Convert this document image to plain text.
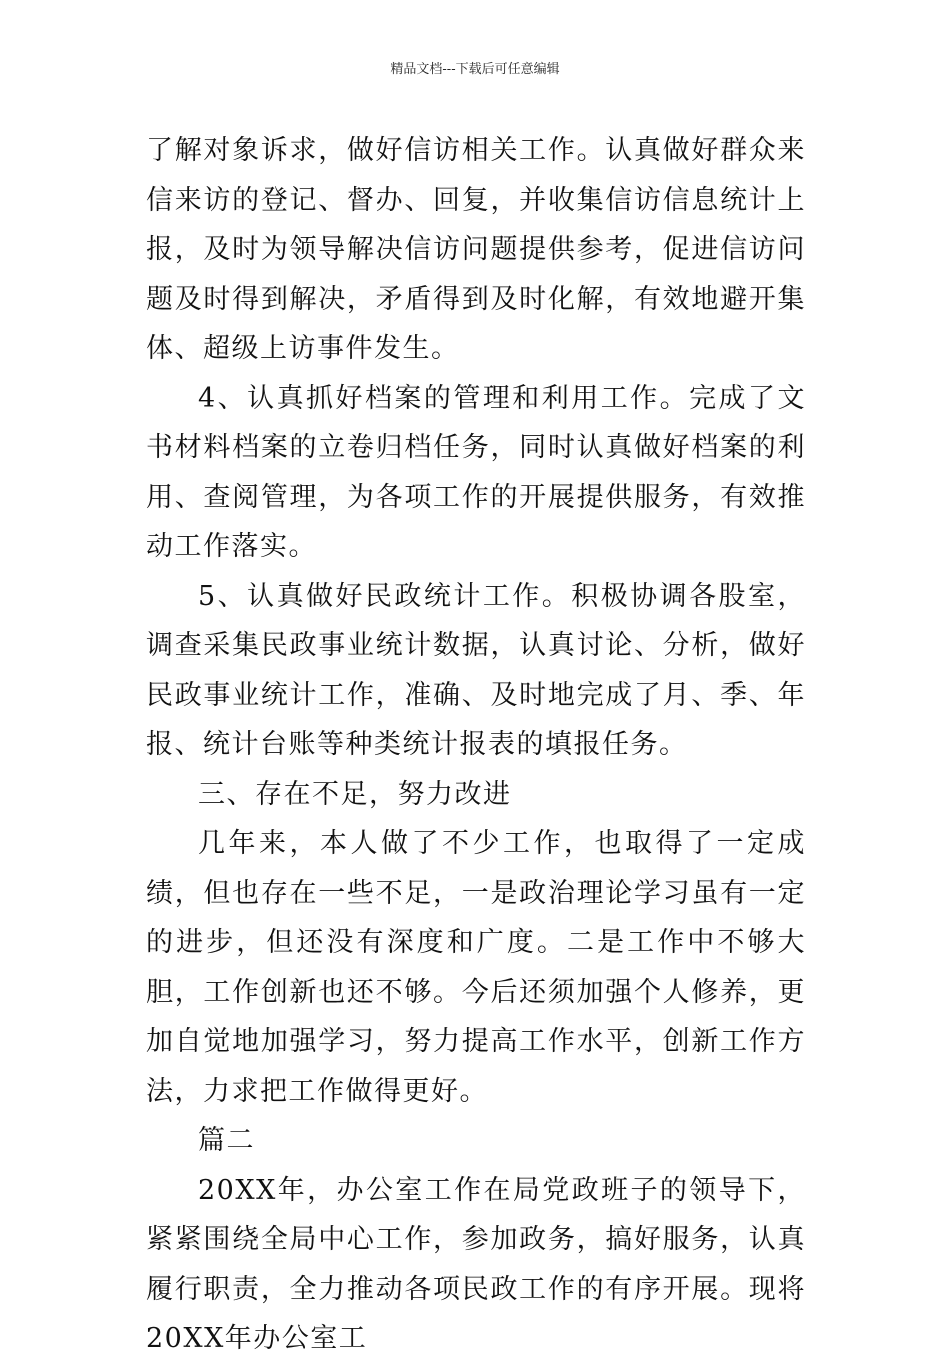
精品文档---下载后可任意编辑

了解对象诉求，做好信访相关工作。认真做好群众来信来访的登记、督办、回复，并收集信访信息统计上报，及时为领导解决信访问题提供参考，促进信访问题及时得到解决，矛盾得到及时化解，有效地避开集体、超级上访事件发生。

4、认真抓好档案的管理和利用工作。完成了文书材料档案的立卷归档任务，同时认真做好档案的利用、查阅管理，为各项工作的开展提供服务，有效推动工作落实。

5、认真做好民政统计工作。积极协调各股室，调查采集民政事业统计数据，认真讨论、分析，做好民政事业统计工作，准确、及时地完成了月、季、年报、统计台账等种类统计报表的填报任务。

三、存在不足，努力改进

几年来，本人做了不少工作，也取得了一定成绩，但也存在一些不足，一是政治理论学习虽有一定的进步，但还没有深度和广度。二是工作中不够大胆，工作创新也还不够。今后还须加强个人修养，更加自觉地加强学习，努力提高工作水平，创新工作方法，力求把工作做得更好。

篇二

20XX年，办公室工作在局党政班子的领导下，紧紧围绕全局中心工作，参加政务，搞好服务，认真履行职责，全力推动各项民政工作的有序开展。现将20XX年办公室工
